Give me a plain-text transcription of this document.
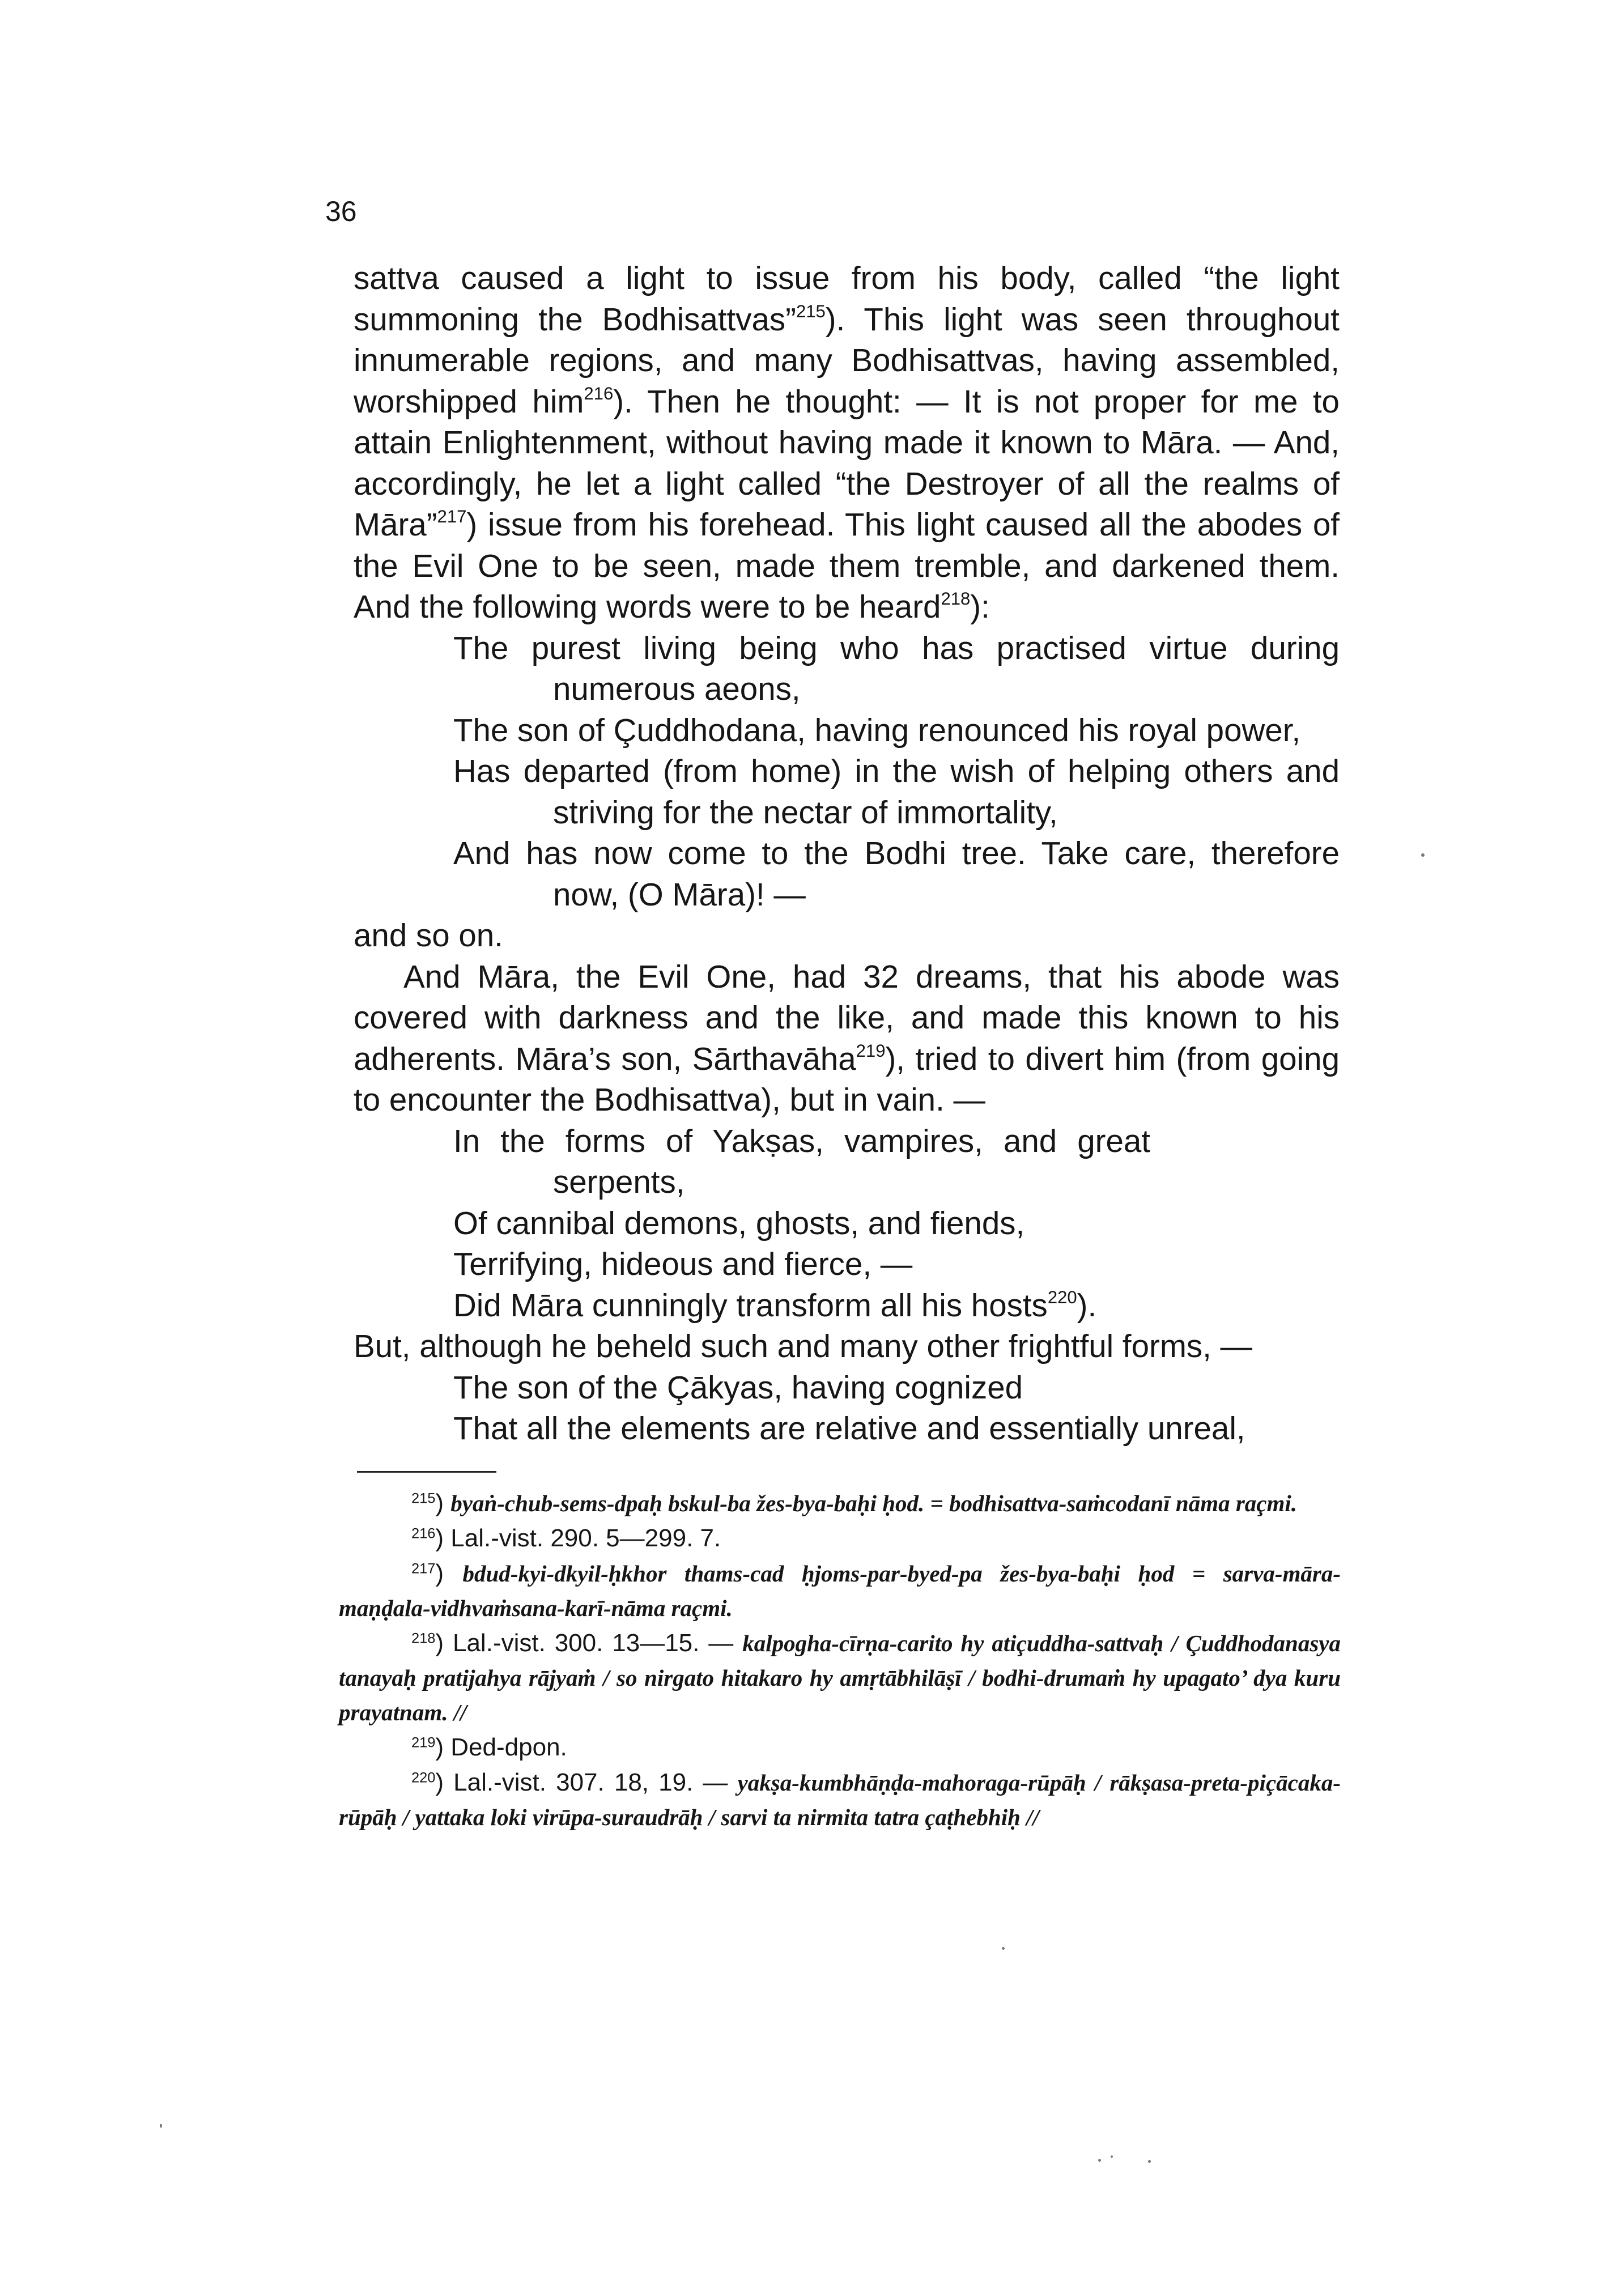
36

sattva caused a light to issue from his body, called “the light summoning the Bodhisattvas”$^{215}$). This light was seen throughout innumerable regions, and many Bodhisattvas, having assembled, worshipped him$^{216}$). Then he thought: — It is not proper for me to attain Enlightenment, without having made it known to Māra. — And, accordingly, he let a light called “the Destroyer of all the realms of Māra”$^{217}$) issue from his forehead. This light caused all the abodes of the Evil One to be seen, made them tremble, and darkened them. And the following words were to be heard$^{218}$):

The purest living being who has practised virtue during numerous aeons,
The son of Çuddhodana, having renounced his royal power,
Has departed (from home) in the wish of helping others and striving for the nectar of immortality,
And has now come to the Bodhi tree. Take care, therefore now, (O Māra)! —

and so on.

And Māra, the Evil One, had 32 dreams, that his abode was covered with darkness and the like, and made this known to his adherents. Māra’s son, Sārthavāha$^{219}$), tried to divert him (from going to encounter the Bodhisattva), but in vain. —

In the forms of Yakṣas, vampires, and great serpents,
Of cannibal demons, ghosts, and fiends,
Terrifying, hideous and fierce, —
Did Māra cunningly transform all his hosts$^{220}$).

But, although he beheld such and many other frightful forms, —

The son of the Çākyas, having cognized
That all the elements are relative and essentially unreal,

$^{215}$) byaṅ-chub-sems-dpaḥ bskul-ba žes-bya-baḥi ḥod. = bodhisattva-saṁcodanī nāma raçmi.

$^{216}$) Lal.-vist. 290. 5—299. 7.

$^{217}$) bdud-kyi-dkyil-ḥkhor thams-cad ḥjoms-par-byed-pa žes-bya-baḥi ḥod = sarva-māra-maṇḍala-vidhvaṁsana-karī-nāma raçmi.

$^{218}$) Lal.-vist. 300. 13—15. — kalpogha-cīrṇa-carito hy atiçuddha-sattvaḥ / Çuddhodanasya tanayaḥ pratijahya rājyaṁ / so nirgato hitakaro hy amṛtābhilāṣī / bodhi-drumaṁ hy upagato’ dya kuru prayatnam. //

$^{219}$) Ded-dpon.

$^{220}$) Lal.-vist. 307. 18, 19. — yakṣa-kumbhāṇḍa-mahoraga-rūpāḥ / rākṣasa-preta-piçācaka-rūpāḥ / yattaka loki virūpa-suraudrāḥ / sarvi ta nirmita tatra çaṭhebhiḥ //
